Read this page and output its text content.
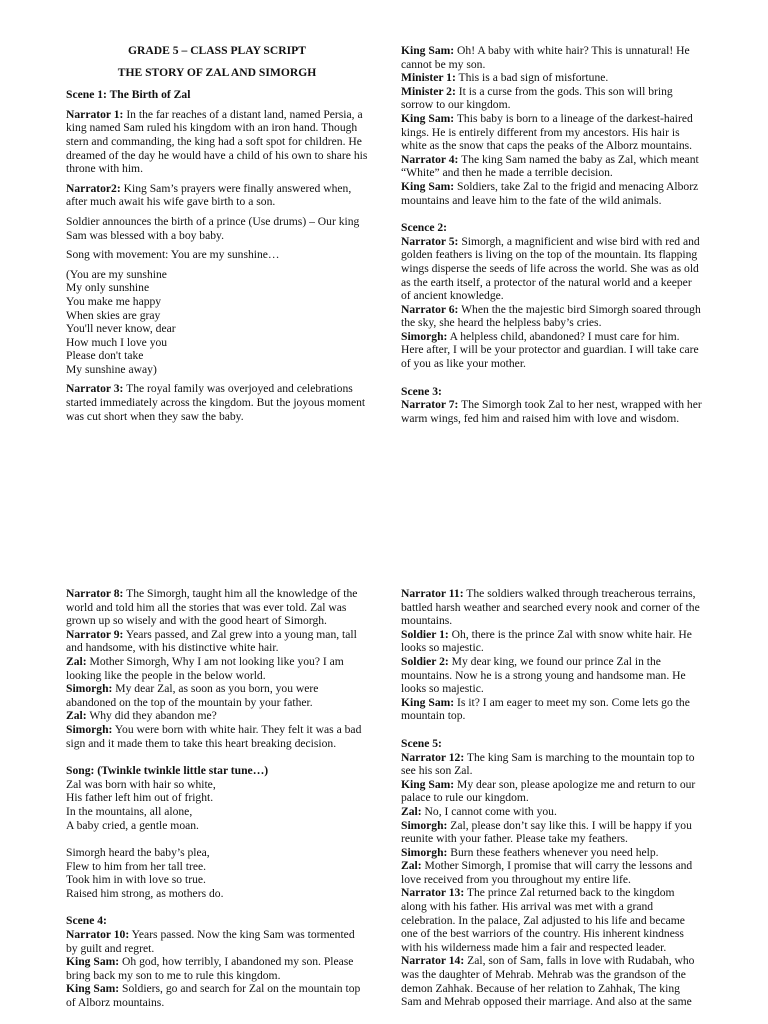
GRADE 5 – CLASS PLAY SCRIPT

THE STORY OF ZAL AND SIMORGH

Scene 1: The Birth of Zal

Narrator 1: In the far reaches of a distant land, named Persia, a king named Sam ruled his kingdom with an iron hand. Though stern and commanding, the king had a soft spot for children. He dreamed of the day he would have a child of his own to share his throne with him.

Narrator2: King Sam’s prayers were finally answered when, after much await his wife gave birth to a son.

Soldier announces the birth of a prince (Use drums) – Our king Sam was blessed with a boy baby.

Song with movement: You are my sunshine…

(You are my sunshine

My only sunshine

You make me happy

When skies are gray

You'll never know, dear

How much I love you

Please don't take

My sunshine away)

Narrator 3: The royal family was overjoyed and celebrations started immediately across the kingdom. But the joyous moment was cut short when they saw the baby.

King Sam: Oh! A baby with white hair? This is unnatural! He cannot be my son.

Minister 1: This is a bad sign of misfortune.

Minister 2: It is a curse from the gods. This son will bring sorrow to our kingdom.

King Sam: This baby is born to a lineage of the darkest-haired kings. He is entirely different from my ancestors. His hair is white as the snow that caps the peaks of the Alborz mountains.

Narrator 4: The king Sam named the baby as Zal, which meant “White” and then he made a terrible decision.

King Sam: Soldiers, take Zal to the frigid and menacing Alborz mountains and leave him to the fate of the wild animals.

Scence 2:

Narrator 5: Simorgh, a magnificient and wise bird with red and golden feathers is living on the top of the mountain. Its flapping wings disperse the seeds of life across the world. She was as old as the earth itself, a protector of the natural world and a keeper of ancient knowledge.

Narrator 6: When the the majestic bird Simorgh soared through the sky, she heard the helpless baby’s cries.

Simorgh: A helpless child, abandoned? I must care for him. Here after, I will be your protector and guardian. I will take care of you as like your mother.

Scene 3:

Narrator 7: The Simorgh took Zal to her nest, wrapped with her warm wings, fed him and raised him with love and wisdom.

Narrator 8: The Simorgh, taught him all the knowledge of the world and told him all the stories that was ever told. Zal was grown up so wisely and with the good heart of Simorgh.

Narrator 9: Years passed, and Zal grew into a young man, tall and handsome, with his distinctive white hair.

Zal: Mother Simorgh, Why I am not looking like you? I am looking like the people in the below world.

Simorgh: My dear Zal, as soon as you born, you were abandoned on the top of the mountain by your father.

Zal: Why did they abandon me?

Simorgh: You were born with white hair. They felt it was a bad sign and it made them to take this heart breaking decision.

Song: (Twinkle twinkle little star tune…)

Zal was born with hair so white,

His father left him out of fright.

In the mountains, all alone,

A baby cried, a gentle moan.

Simorgh heard the baby’s plea,

Flew to him from her tall tree.

Took him in with love so true.

Raised him strong, as mothers do.

Scene 4:

Narrator 10: Years passed. Now the king Sam was tormented by guilt and regret.

King Sam: Oh god, how terribly, I abandoned my son. Please bring back my son to me to rule this kingdom.

King Sam: Soldiers, go and search for Zal on the mountain top of Alborz mountains.

Narrator 11: The soldiers walked through treacherous terrains, battled harsh weather and searched every nook and corner of the mountains.

Soldier 1: Oh, there is the prince Zal with snow white hair. He looks so majestic.

Soldier 2: My dear king, we found our prince Zal in the mountains. Now he is a strong young and handsome man. He looks so majestic.

King Sam: Is it? I am eager to meet my son. Come lets go the mountain top.

Scene 5:

Narrator 12: The king Sam is marching to the mountain top to see his son Zal.

King Sam: My dear son, please apologize me and return to our palace to rule our kingdom.

Zal: No, I cannot come with you.

Simorgh: Zal, please don’t say like this. I will be happy if you reunite with your father. Please take my feathers.

Simorgh: Burn these feathers whenever you need help.

Zal: Mother Simorgh, I promise that will carry the lessons and love received from you throughout my entire life.

Narrator 13: The prince Zal returned back to the kingdom along with his father. His arrival was met with a grand celebration. In the palace, Zal adjusted to his life and became one of the best warriors of the country. His inherent kindness with his wilderness made him a fair and respected leader.

Narrator 14: Zal, son of Sam, falls in love with Rudabah, who was the daughter of Mehrab. Mehrab was the grandson of the demon Zahhak. Because of her relation to Zahhak, The king Sam and Mehrab opposed their marriage. And also at the same
